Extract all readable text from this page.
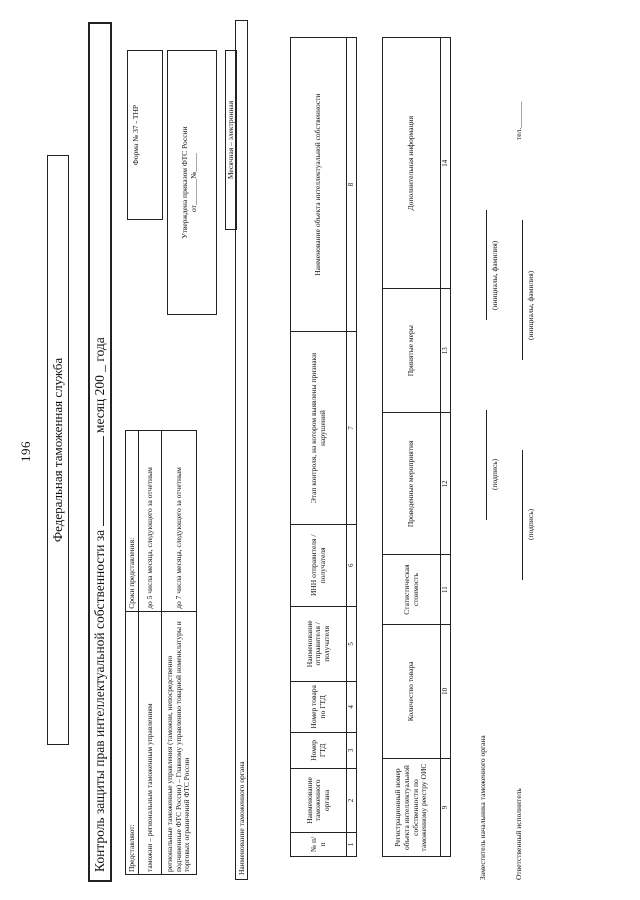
196 Федеральная таможенная служба
Контроль защиты прав интеллектуальной собственности за  месяц 200 _ года
Представляют:	Сроки представления:
таможни – региональным таможенным управлениям	до 5 числа месяца, следующего за отчетным
региональные таможенные управления (таможни, непосредственно подчиненные ФТС России) – Главному управлению товарной номенклатуры и торговых ограничений ФТС России	до 7 числа месяца, следующего за отчетным
Форма № 37 - ТНР	Утверждена приказом ФТС России от_______№_____
Месячная – электронная
Наименование таможенного органа	№ п/п	Наименование таможенного органа	Номер ГТД	Номер товара по ГТД	Наименование отправителя / получателя	ИНН отправителя / получателя	Этап контроля, на котором выявлены признаки нарушений	Наименование объекта интеллектуальной собственности
1	2	3	4	5	6	7	8
Регистрационный номер объекта интеллектуальной собственности по таможенному реестру ОИС	Количество товара	Статистическая стоимость	Проведенные мероприятия	Принятые меры	Дополнительная информация
9	10	11	12	13	14
Заместитель начальника таможенного органа
(подпись)
(инициалы, фамилия)
Ответственный исполнитель
(подпись)
(инициалы, фамилия)
тел._______
